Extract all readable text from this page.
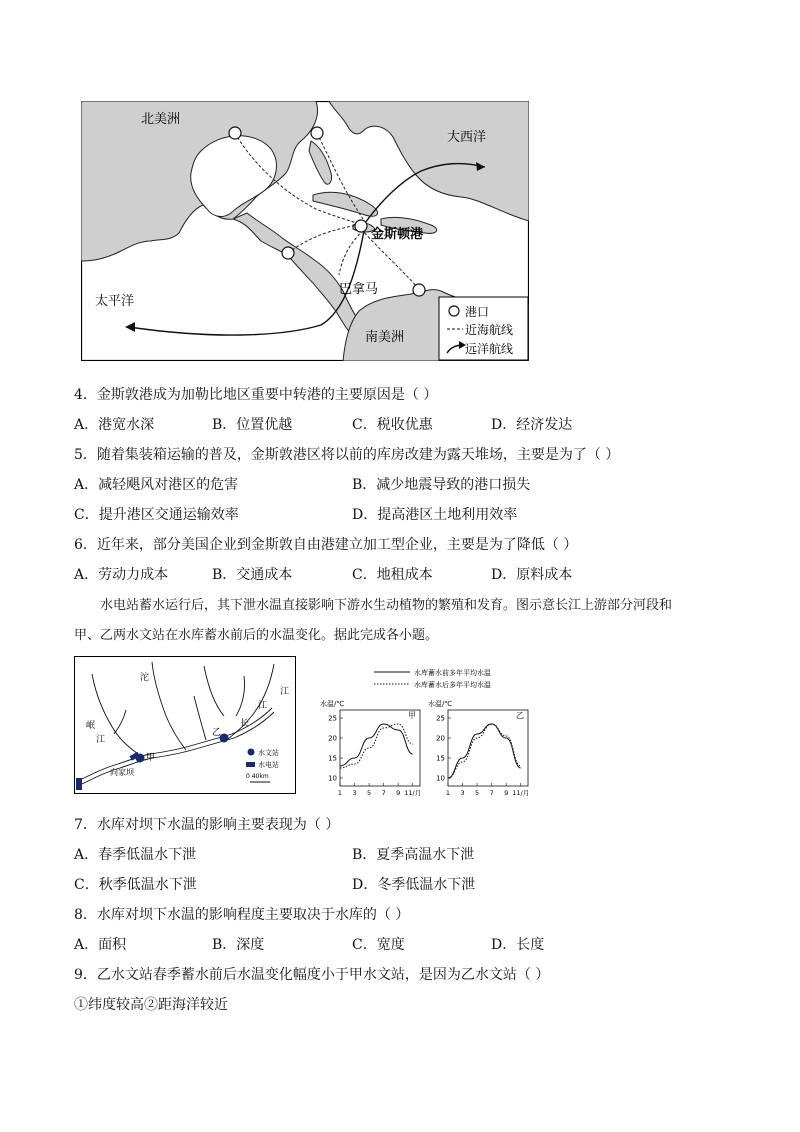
北美洲
大西洋
太平洋
金斯顿港
巴拿马
南美洲
港口
近海航线
远洋航线
4．金斯敦港成为加勒比地区重要中转港的主要原因是（ ）
A．港宽水深	B．位置优越	C．税收优惠	D．经济发达
5．随着集装箱运输的普及，金斯敦港区将以前的库房改建为露天堆场，主要是为了（ ）
A．减轻飓风对港区的危害	B．减少地震导致的港口损失
C．提升港区交通运输效率	D．提高港区土地利用效率
6．近年来，部分美国企业到金斯敦自由港建立加工型企业，主要是为了降低（ ）
A．劳动力成本	B．交通成本	C．地租成本	D．原料成本
水电站蓄水运行后，其下泄水温直接影响下游水生动植物的繁殖和发育。图示意长江上游部分河段和
甲、乙两水文站在水库蓄水前后的水温变化。据此完成各小题。
水文站
水电站
0 40km
沱
岷
江
江
长
江
乙
甲
向家坝
水库蓄水前多年平均水温
水库蓄水后多年平均水温
水温/℃
甲
10
15
20
25
1 3 5 7 9 11/月
水温/℃
乙
10
15
20
25
1 3 5 7 9 11/月
7．水库对坝下水温的影响主要表现为（ ）
A．春季低温水下泄	B．夏季高温水下泄
C．秋季低温水下泄	D．冬季低温水下泄
8．水库对坝下水温的影响程度主要取决于水库的（ ）
A．面积	B．深度	C．宽度	D．长度
9．乙水文站春季蓄水前后水温变化幅度小于甲水文站，是因为乙水文站（ ）
①纬度较高②距海洋较近
